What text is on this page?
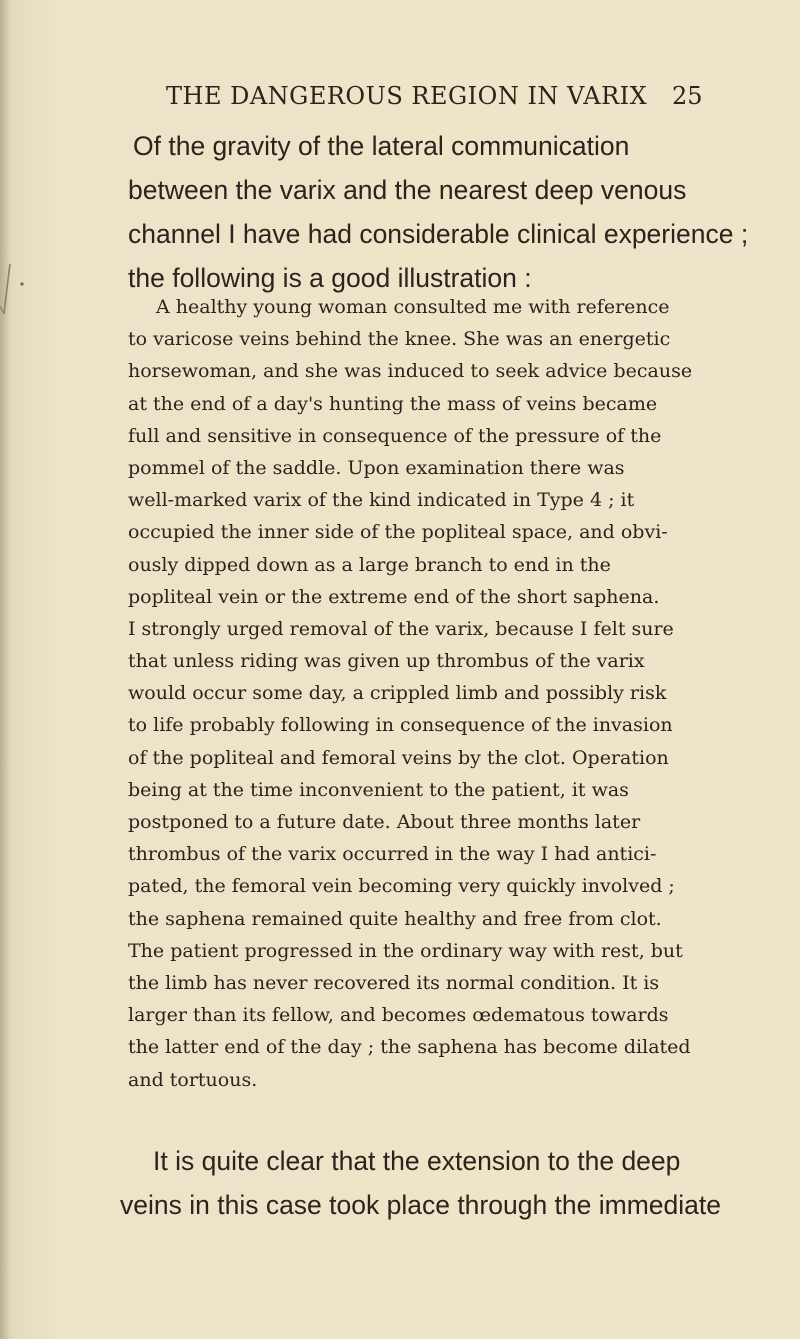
THE DANGEROUS REGION IN VARIX 25

Of the gravity of the lateral communication
between the varix and the nearest deep venous
channel I have had considerable clinical experience ;
the following is a good illustration :

A healthy young woman consulted me with reference
to varicose veins behind the knee. She was an energetic
horsewoman, and she was induced to seek advice because
at the end of a day's hunting the mass of veins became
full and sensitive in consequence of the pressure of the
pommel of the saddle. Upon examination there was
well-marked varix of the kind indicated in Type 4 ; it
occupied the inner side of the popliteal space, and obvi-
ously dipped down as a large branch to end in the
popliteal vein or the extreme end of the short saphena.
I strongly urged removal of the varix, because I felt sure
that unless riding was given up thrombus of the varix
would occur some day, a crippled limb and possibly risk
to life probably following in consequence of the invasion
of the popliteal and femoral veins by the clot. Operation
being at the time inconvenient to the patient, it was
postponed to a future date. About three months later
thrombus of the varix occurred in the way I had antici-
pated, the femoral vein becoming very quickly involved ;
the saphena remained quite healthy and free from clot.
The patient progressed in the ordinary way with rest, but
the limb has never recovered its normal condition. It is
larger than its fellow, and becomes œdematous towards
the latter end of the day ; the saphena has become dilated
and tortuous.

It is quite clear that the extension to the deep
veins in this case took place through the immediate
